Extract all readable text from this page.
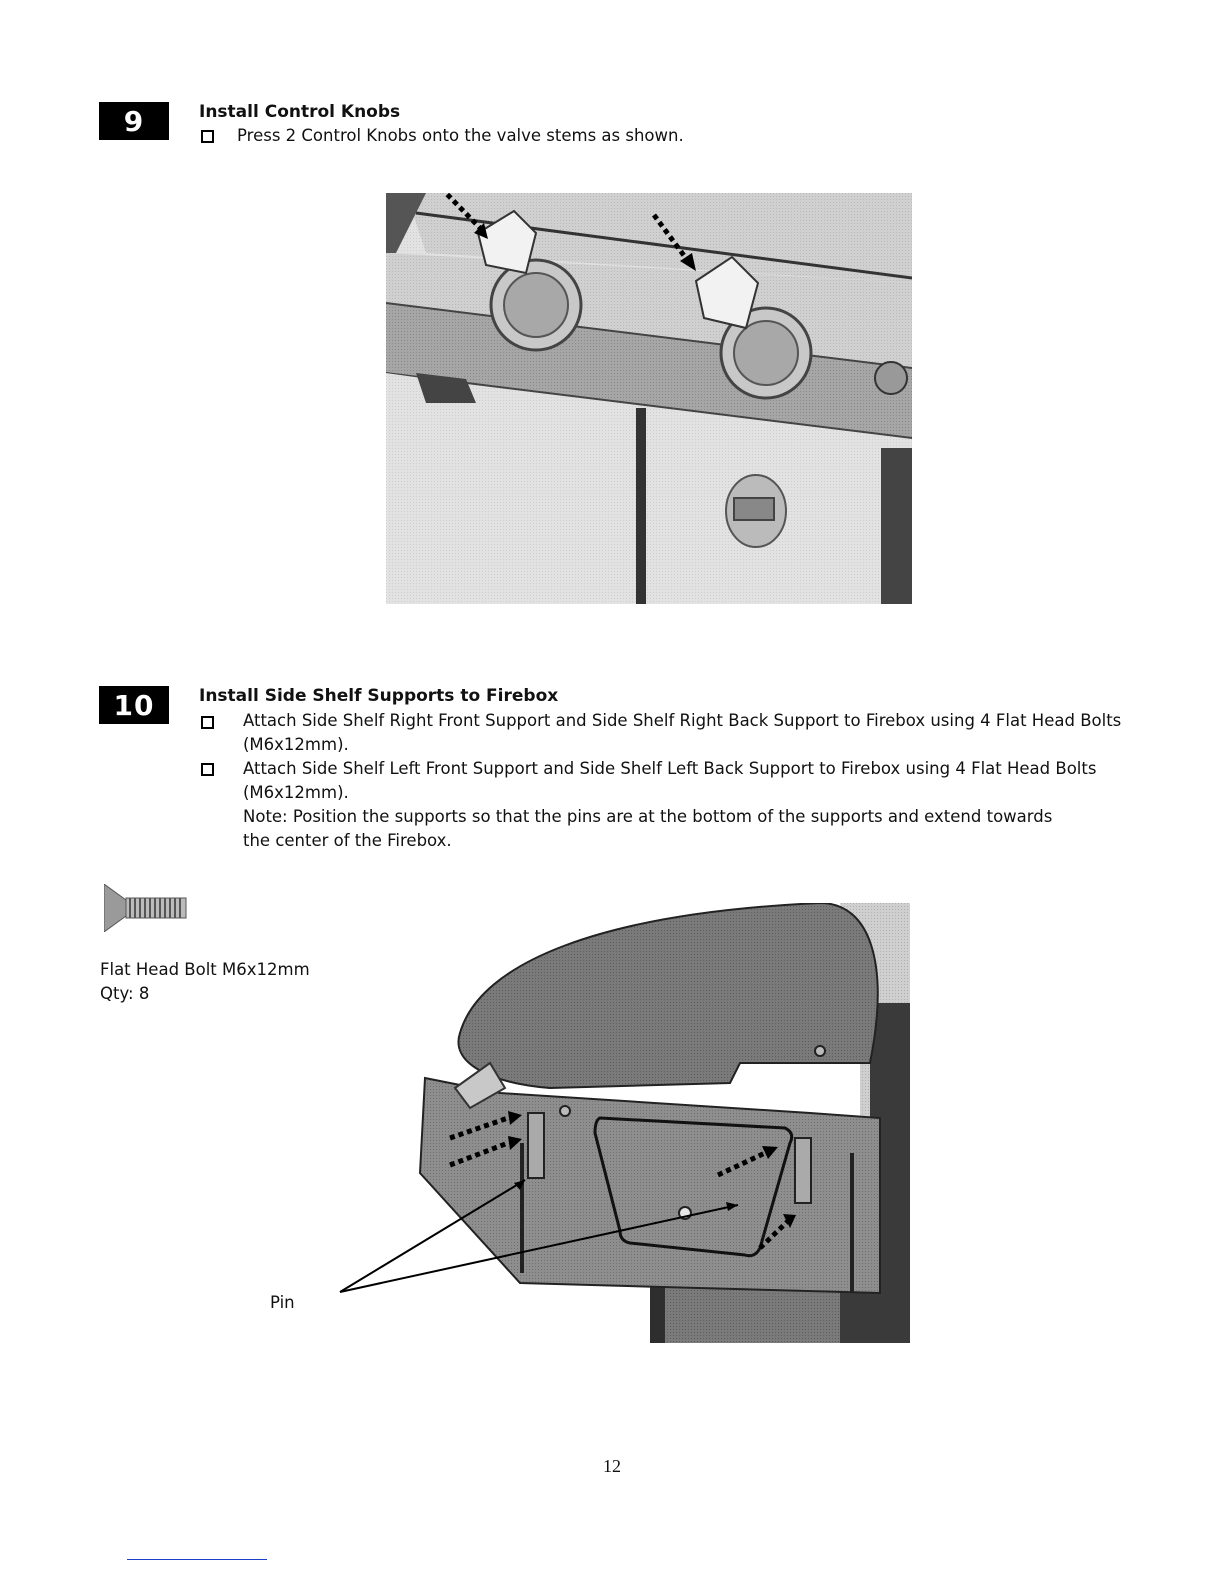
9	Install Control Knobs
Press 2 Control Knobs onto the valve stems as shown.
10	Install Side Shelf Supports to Firebox
Attach Side Shelf Right Front Support and Side Shelf Right Back Support to Firebox using 4 Flat Head Bolts (M6x12mm).
Attach Side Shelf Left Front Support and Side Shelf Left Back Support to Firebox using 4 Flat Head Bolts (M6x12mm).
Note: Position the supports so that the pins are at the bottom of the supports and extend towards the center of the Firebox.
Flat Head Bolt M6x12mm
Qty: 8
Pin
12
